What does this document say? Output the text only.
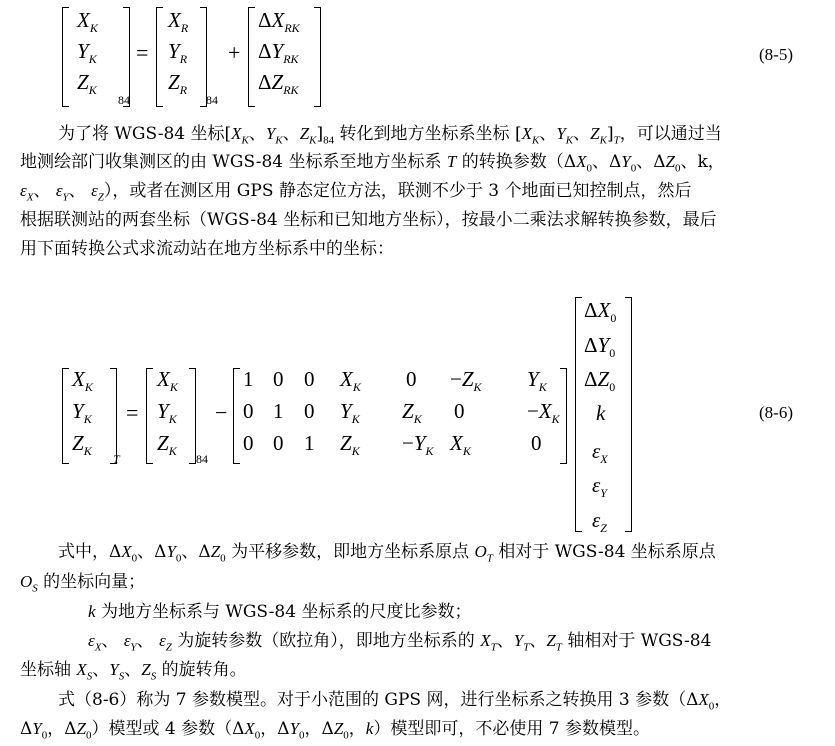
$X_K$
$Y_K$
$Z_K$
84
=
$X_R$
$Y_R$
$Z_R$
84
+
$\Delta X_{RK}$
$\Delta Y_{RK}$
$\Delta Z_{RK}$
(8-5)
为了将 WGS-84 坐标[$X_K$、$Y_K$、$Z_K]_{84}$ 转化到地方坐标系坐标 [$X_K$、$Y_K$、$Z_K]_T$，可以通过当
地测绘部门收集测区的由 WGS-84 坐标系至地方坐标系 T 的转换参数（$\Delta X_0$、$\Delta Y_0$、$\Delta Z_0$、k，
$\varepsilon_X$、 $\varepsilon_Y$、 $\varepsilon_Z$），或者在测区用 GPS 静态定位方法，联测不少于 3 个地面已知控制点，然后
根据联测站的两套坐标（WGS-84 坐标和已知地方坐标），按最小二乘法求解转换参数，最后
用下面转换公式求流动站在地方坐标系中的坐标：
$X_K$
$Y_K$
$Z_K$
T
=
$X_K$
$Y_K$
$Z_K$
84
−
1 0 0 $X_K$ $0 -Z_K$ $Y_K$
0 1 0 $Y_K$ $Z_K$ 0	$-X_K$
0 0 1 $Z_K -Y_K$ $X_K$	0
$\Delta X_0$
$\Delta Y_0$
$\Delta Z_0$
k
$\varepsilon_X$
$\varepsilon_Y$
$\varepsilon_Z$
(8-6)
式中，$\Delta X_0$、$\Delta Y_0$、$\Delta Z_0$ 为平移参数，即地方坐标系原点 $O_T$ 相对于 WGS-84 坐标系原点
$O_S$ 的坐标向量；
k 为地方坐标系与 WGS-84 坐标系的尺度比参数；
$\varepsilon_X$、 $\varepsilon_Y$、 $\varepsilon_Z$ 为旋转参数（欧拉角），即地方坐标系的 $X_T$、$Y_T$、$Z_T$ 轴相对于 WGS-84
坐标轴 $X_S$、$Y_S$、$Z_S$ 的旋转角。
式（8-6）称为 7 参数模型。对于小范围的 GPS 网，进行坐标系之转换用 3 参数（$\Delta X_0$，
$\Delta Y_0$，$\Delta Z_0$）模型或 4 参数（$\Delta X_0$，$\Delta Y_0$，$\Delta Z_0$，k）模型即可，不必使用 7 参数模型。
